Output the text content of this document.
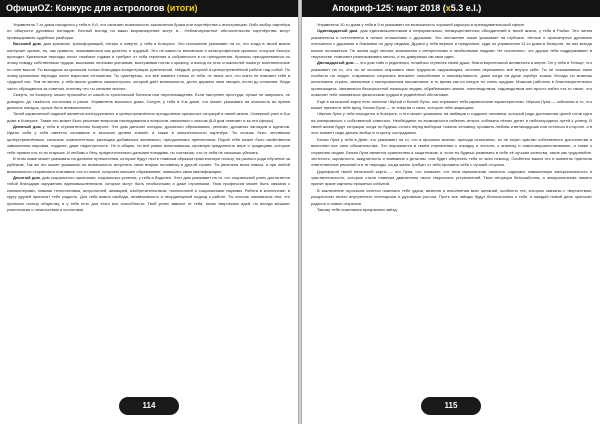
ОфициОZ: Конкурс для астрологов (итоги)

Управитель 7-го дома находится у тебя в 9-й, что означает возможность заключения брака или партнёрства с иностранцем. Либо выбор партнёра по общности духовных взглядов. Беглый взгляд на ваши мировоззрения могут в... Неблагоприятное обстоятельство партнёрства могут провоцировать судебные разборки.

Восьмой дом, дом кризисов, трансформаций, потерь и смерти, у тебя в Козероге. Это положение указывает на то, что когда в твоей жизни наступает кризис, ты, как правило, оказываешься как деятель и трудный. Это не какие-то внезапные и катастрофичные кризисы, которые быстро проходят. Кризисные периоды носят тяжёлые годами и требуют от тебя терпения и собранности в их преодолении. Кризисы преодолеваются по этому поводу собственным трудом, высокими личными усилиями, выстраивая потом к кризису, а выход из этих сложностей помогут молниеносные по силе мысли. Ты выходишь из кризисов только благодаря концентрации, длительной, твёрдой, упорной и целеустремлённой работе над собой. По этому кризисные периоды носят взрослые отношения. Ты чувствуешь, что всё зависит только от тебя, от твоих сил, что никто не поможет тебе в трудный час. Тем не менее, у тебя высок уровень самоконтроля, который даёт возможность, долго держать свои эмоции, почти до отчаяния. Люди часто обращаются за советом, поэтому что ты сильнее многих.

Смерть, по Козерогу, может произойти от какой-то хронической болезни или переохлаждения. Если наступает простуда, лучше не запускать, не доводить до тяжёлого состояния и риска. Управитель восьмого дома, Сатурн, у тебя в 9-м доме, что может указывать на опасность во время дальних поездок, лучше быть внимательнее.

Твоей кармической задачей является конструктивное и целеустремлённое преодоление кризисных ситуаций в своей жизни. Северный узел в 8-м доме в Козероге. Также это может быть решение вопросов наследования и вопросов, связанных с сексом (8-й дом отвечает и за эти сферы).

Девятый дом у тебя в стремительном Козероге. Это дом дальних поездок, духовного образования, религии, духовных взглядов и идеалов. Идеал себя у тебя имеется основание в высоком уровне знаний, а также в значительности партнёра. Ты хочешь быть человеком целеустремлённым, сильным, компетентным, умеющим добиваться желаемого, преодолевать препятствия. Порой тебе может быть свойственна завышенная мировая, гордыня, даже недоступность. Но в общем, ты всё равно испытываешь огромную преданность вере и традициям, которые тебе привил кто-то из старших. И любовь к бегу, предпочтительно дальним поездкам, ты считаешь, что от себя не сможешь убежать.

В этом знаке может указывать на дальние путешествия, которые будут нести главным образом практическую пользу, на разного рода обучение за рубежом. Так же это может указывать на возможность встретить свою вторую половинку в другой стране. Ты увлечена всем новым, и при любой возможности стараешься познавать что-то новое, получать высшее образование, повышать свою квалификацию.

Десятый дом, дом социального признания, социальных успехов, у тебя в Водолее. Этот дом указывает на то, что социальный успех достигается тобой благодаря окружению единомышленников, которые могут быть необычными и даже странными. Твоя профессия может быть связана с компьютерами, новыми технологиями, астрологией, авиацией, изобретательством, психологией и социальными науками. Работа в коллективе, в кругу друзей приносит тебе радость. Для тебя важна свобода, независимость и неординарный подход к работе. Ты хочешь заниматься тем, что приносит пользу обществу, и у тебя есть для этого все способности. Твой успех зависит от тебя, твоих творческих идей, но иногда мешают разногласия с начальством и коллегами.

114
Апокриф-125: март 2018 (x5.3 e.l.)

Управитель 10-го дома у тебя в 9-м указывает на возможность хорошей карьеры в преподавательской сфере.

Одиннадцатый дом, дом единомышленников и неформальных, неимущественных объединений в твоей жизни, у тебя в Рыбах. Это линия указательна и естественна в тонких отношениях с друзьями. Это положение также указывает на глубокие, тёплые и проникнутые духовные отношения с друзьями и близкими по духу людьми. Друзья у тебя верные и преданные, судя по управителю 11-го дома в Козероге, на них всегда можно положиться. По жизни идут многие знакомства с интересными и необычными людьми. Не исключено, что друзья тебя поддерживают в творчестве, помогают реализовывать мечты, и ты доверяешь им свои идеи.

Двенадцатый дом — это дом тайн и уединения, потайных ступенек твоей души, благотворительной активности и жертв. Он у тебя в Тельце, что указывает на то, что ты не склонна открывать свои трудности окружающим, склонна переживать всё внутри себя. Ты не показываешь свою слабость на людях, стараешься сохранять внешнее спокойствие и невозмутимость, даже когда на душе скребут кошки. Иногда ты можешь испытывать страхи, связанные с материальным положением, в то время как по натуре ты очень щедрая. Можешь работать в благотворительных организациях, заниматься бескорыстной помощью людям, обрабатывать землю, пчеловодством, садоводством или просто найти что-то такое, что позволит тебе заниматься физическим трудом в уединённой обстановке.

Ещё в натальной карте есть понятие Чёрной и Белой Луны, они отражают тебя кармические характеристики. Чёрная Луна — соблазны и то, что может принести тебе вред, Белая Луна — те энергии и силы, которые тебя защищают.

Чёрная Луна у тебя находится в Козероге, и это может указывать на амбиции и гордыню человека, который ради достижения целей готов идти на компромиссы с собственной совестью. Необходимо по возможности избегать интриг, соблазна лёгких денег и неблагородных путей к успеху. В твоей жизни будут ситуации, когда ты будешь стоять перед выбором, помочь человеку, проявить любовь и великодушие или остаться в стороне, и в этот момент надо делать выбор в сторону сострадания.

Белая Луна у тебя в Деве, что указывает на то, что в прошлых жизнях, проходя испытания, ты не терял чувство собственного достоинства и выполнял все свои обязательства. Это выражается в твоём стремлении к порядку и чистоте, к анализу и самосовершенствованию, а также к служению людям. Белая Луна является хранителем и защитником, и, если ты будешь развивать в себе её лучшие качества, такие как трудолюбие, честность, скромность, аккуратность и внимание к деталям, она будет оберегать тебя от всех невзгод. Особенно важно это в моменты принятия ответственных решений и в те периоды, когда жизнь требует от тебя проявить себя с лучшей стороны.

Дорифорой твоей натальной карты — это Луна, что означает, что твоя гармоничная личность содержит повышенную эмоциональность и чувствительность, которые стали главным двигателем твоих творческих устремлений. Твоя интуиция безошибочна, а эмоциональная память хранит яркие картины прожитых событий.

В заключение гороскопа хочется пожелать тебе удачи, везения и исполнения всех желаний, особенно тех, которые связаны с творчеством, раскрытием твоего внутреннего потенциала и духовным ростом. Пусть все звёзды будут благосклонны к тебе, и каждый новый день приносит радость и новые открытия.

Такому тебе пожелания прекрасных звёзд.

115
